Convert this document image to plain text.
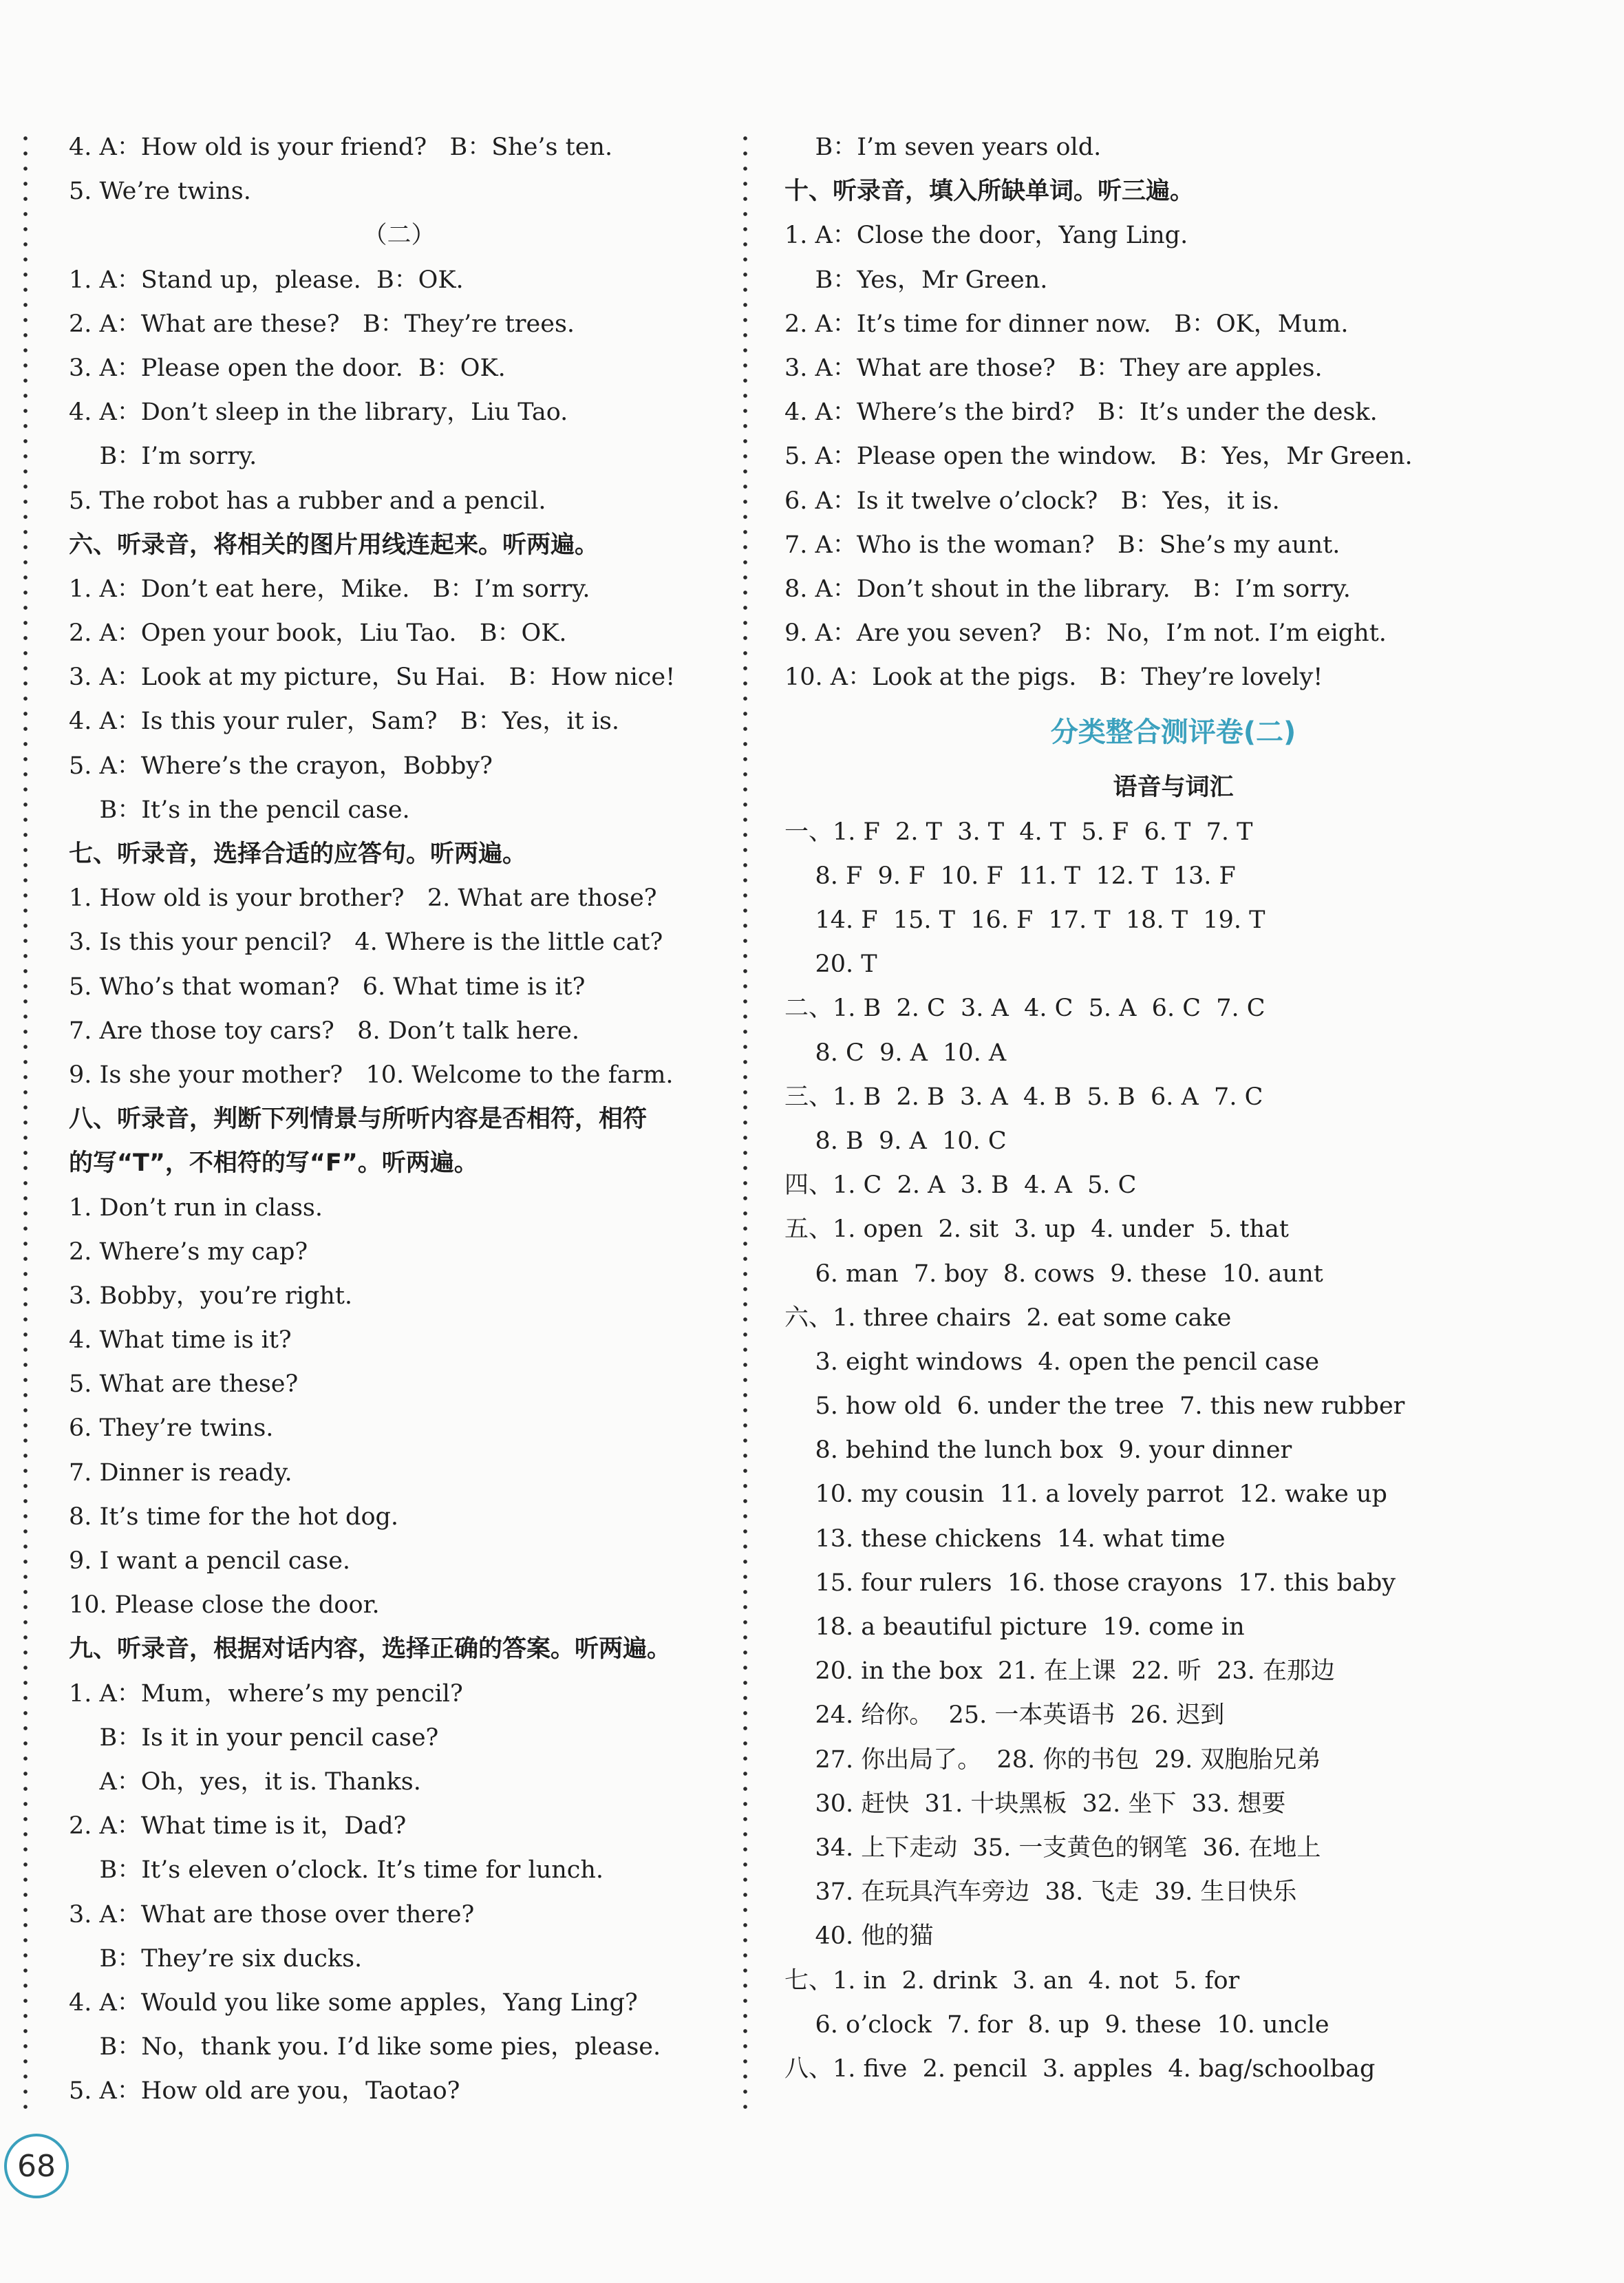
4. A：How old is your friend?   B：She’s ten.
5. We’re twins.
（二）
1. A：Stand up，please.  B：OK.
2. A：What are these?   B：They’re trees.
3. A：Please open the door.  B：OK.
4. A：Don’t sleep in the library，Liu Tao.
B：I’m sorry.
5. The robot has a rubber and a pencil.
六、听录音，将相关的图片用线连起来。听两遍。
1. A：Don’t eat here，Mike.   B：I’m sorry.
2. A：Open your book，Liu Tao.   B：OK.
3. A：Look at my picture，Su Hai.   B：How nice!
4. A：Is this your ruler，Sam?   B：Yes，it is.
5. A：Where’s the crayon，Bobby?
B：It’s in the pencil case.
七、听录音，选择合适的应答句。听两遍。
1. How old is your brother?   2. What are those?
3. Is this your pencil?   4. Where is the little cat?
5. Who’s that woman?   6. What time is it?
7. Are those toy cars?   8. Don’t talk here.
9. Is she your mother?   10. Welcome to the farm.
八、听录音，判断下列情景与所听内容是否相符，相符
的写“T”，不相符的写“F”。听两遍。
1. Don’t run in class.
2. Where’s my cap?
3. Bobby，you’re right.
4. What time is it?
5. What are these?
6. They’re twins.
7. Dinner is ready.
8. It’s time for the hot dog.
9. I want a pencil case.
10. Please close the door.
九、听录音，根据对话内容，选择正确的答案。听两遍。
1. A：Mum，where’s my pencil?
B：Is it in your pencil case?
A：Oh，yes，it is. Thanks.
2. A：What time is it，Dad?
B：It’s eleven o’clock. It’s time for lunch.
3. A：What are those over there?
B：They’re six ducks.
4. A：Would you like some apples，Yang Ling?
B：No，thank you. I’d like some pies，please.
5. A：How old are you，Taotao?
B：I’m seven years old.
十、听录音，填入所缺单词。听三遍。
1. A：Close the door，Yang Ling.
B：Yes，Mr Green.
2. A：It’s time for dinner now.   B：OK，Mum.
3. A：What are those?   B：They are apples.
4. A：Where’s the bird?   B：It’s under the desk.
5. A：Please open the window.   B：Yes，Mr Green.
6. A：Is it twelve o’clock?   B：Yes，it is.
7. A：Who is the woman?   B：She’s my aunt.
8. A：Don’t shout in the library.   B：I’m sorry.
9. A：Are you seven?   B：No，I’m not. I’m eight.
10. A：Look at the pigs.   B：They’re lovely!
分类整合测评卷(二)
语音与词汇
一、1. F  2. T  3. T  4. T  5. F  6. T  7. T
8. F  9. F  10. F  11. T  12. T  13. F
14. F  15. T  16. F  17. T  18. T  19. T
20. T
二、1. B  2. C  3. A  4. C  5. A  6. C  7. C
8. C  9. A  10. A
三、1. B  2. B  3. A  4. B  5. B  6. A  7. C
8. B  9. A  10. C
四、1. C  2. A  3. B  4. A  5. C
五、1. open  2. sit  3. up  4. under  5. that
6. man  7. boy  8. cows  9. these  10. aunt
六、1. three chairs  2. eat some cake
3. eight windows  4. open the pencil case
5. how old  6. under the tree  7. this new rubber
8. behind the lunch box  9. your dinner
10. my cousin  11. a lovely parrot  12. wake up
13. these chickens  14. what time
15. four rulers  16. those crayons  17. this baby
18. a beautiful picture  19. come in
20. in the box  21. 在上课  22. 听  23. 在那边
24. 给你。  25. 一本英语书  26. 迟到
27. 你出局了。  28. 你的书包  29. 双胞胎兄弟
30. 赶快  31. 十块黑板  32. 坐下  33. 想要
34. 上下走动  35. 一支黄色的钢笔  36. 在地上
37. 在玩具汽车旁边  38. 飞走  39. 生日快乐
40. 他的猫
七、1. in  2. drink  3. an  4. not  5. for
6. o’clock  7. for  8. up  9. these  10. uncle
八、1. five  2. pencil  3. apples  4. bag/schoolbag
68
